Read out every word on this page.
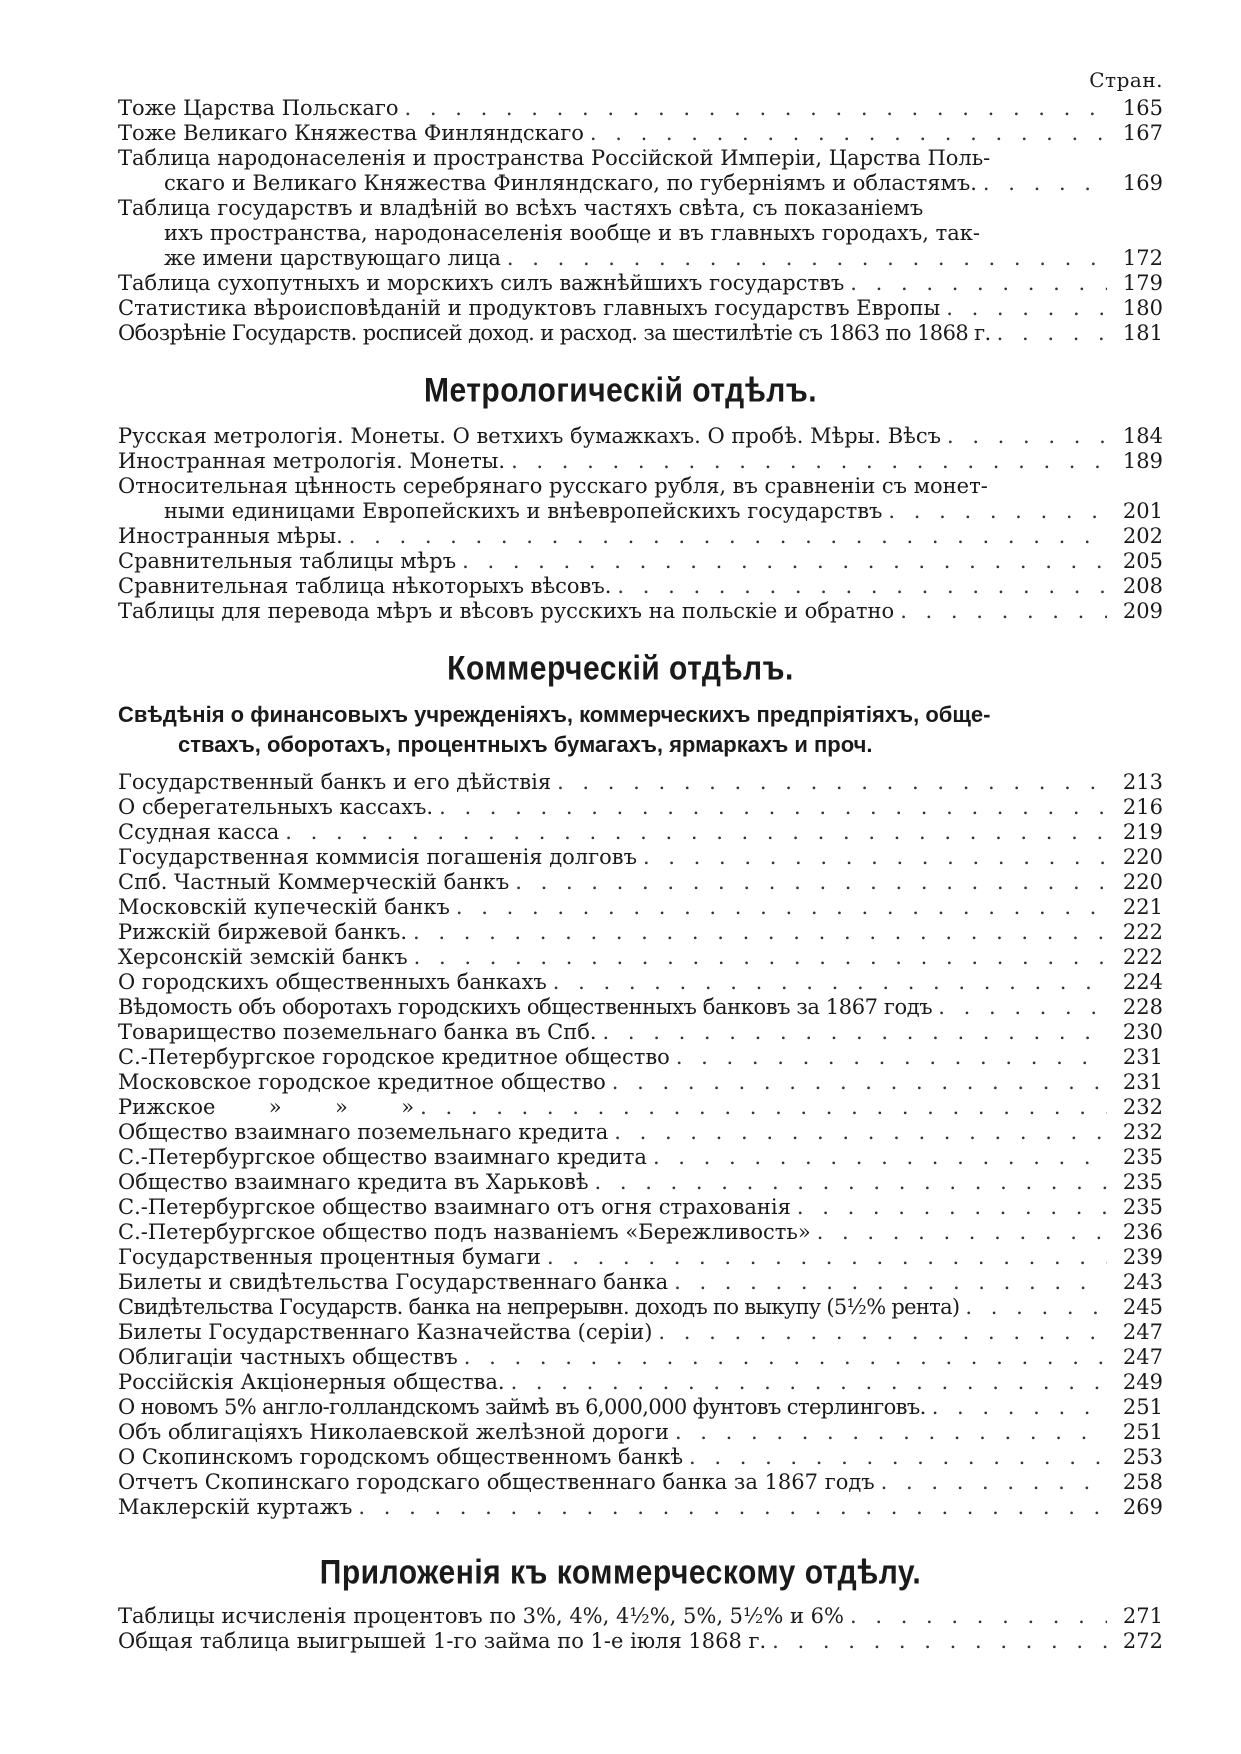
Стран.
Тоже Царства Польскаго . . .	165
Тоже Великаго Княжества Финляндскаго . . .	167
Таблица народонаселенія и пространства Россійской Имперіи, Царства Поль-
скаго и Великаго Княжества Финляндскаго, по губерніямъ и областямъ. . . .	169
Таблица государствъ и владѣній во всѣхъ частяхъ свѣта, съ показаніемъ
ихъ пространства, народонаселенія вообще и въ главныхъ городахъ, так-
же имени царствующаго лица . . .	172
Таблица сухопутныхъ и морскихъ силъ важнѣйшихъ государствъ . . .	179
Статистика вѣроисповѣданій и продуктовъ главныхъ государствъ Европы . . .	180
Обозрѣніе Государств. росписей доход. и расход. за шестилѣтіе съ 1863 по 1868 г. . . .	181
Метрологическій отдѣлъ.
Русская метрологія. Монеты. О ветхихъ бумажкахъ. О пробѣ. Мѣры. Вѣсъ . . .	184
Иностранная метрологія. Монеты. . . .	189
Относительная цѣнность серебрянаго русскаго рубля, въ сравненіи съ монет-
ными единицами Европейскихъ и внѣевропейскихъ государствъ . . .	201
Иностранныя мѣры. . . .	202
Сравнительныя таблицы мѣръ . . .	205
Сравнительная таблица нѣкоторыхъ вѣсовъ. . . .	208
Таблицы для перевода мѣръ и вѣсовъ русскихъ на польскіе и обратно . . .	209
Коммерческій отдѣлъ.
Свѣдѣнія о финансовыхъ учрежденіяхъ, коммерческихъ предпріятіяхъ, обще-
ствахъ, оборотахъ, процентныхъ бумагахъ, ярмаркахъ и проч.
Государственный банкъ и его дѣйствія . . .	213
О сберегательныхъ кассахъ. . . .	216
Ссудная касса . . .	219
Государственная коммисія погашенія долговъ . . .	220
Спб. Частный Коммерческій банкъ . . .	220
Московскій купеческій банкъ . . .	221
Рижскій биржевой банкъ. . . .	222
Херсонскій земскій банкъ . . .	222
О городскихъ общественныхъ банкахъ . . .	224
Вѣдомость объ оборотахъ городскихъ общественныхъ банковъ за 1867 годъ . . .	228
Товарищество поземельнаго банка въ Спб. . . .	230
С.-Петербургское городское кредитное общество . . .	231
Московское городское кредитное общество . . .	231
Рижское        »        »        » . . .	232
Общество взаимнаго поземельнаго кредита . . .	232
С.-Петербургское общество взаимнаго кредита . . .	235
Общество взаимнаго кредита въ Харьковѣ . . .	235
С.-Петербургское общество взаимнаго отъ огня страхованія . . .	235
С.-Петербургское общество подъ названіемъ «Бережливость» . . .	236
Государственныя процентныя бумаги . . .	239
Билеты и свидѣтельства Государственнаго банка . . .	243
Свидѣтельства Государств. банка на непрерывн. доходъ по выкупу (5½% рента) . . .	245
Билеты Государственнаго Казначейства (серіи) . . .	247
Облигаціи частныхъ обществъ . . .	247
Россійскія Акціонерныя общества. . . .	249
О новомъ 5% англо-голландскомъ займѣ въ 6,000,000 фунтовъ стерлинговъ. . . .	251
Объ облигаціяхъ Николаевской желѣзной дороги . . .	251
О Скопинскомъ городскомъ общественномъ банкѣ . . .	253
Отчетъ Скопинскаго городскаго общественнаго банка за 1867 годъ . . .	258
Маклерскій куртажъ . . .	269
Приложенія къ коммерческому отдѣлу.
Таблицы исчисленія процентовъ по 3%, 4%, 4½%, 5%, 5½% и 6% . . .	271
Общая таблица выигрышей 1-го займа по 1-е іюля 1868 г. . . .	272
